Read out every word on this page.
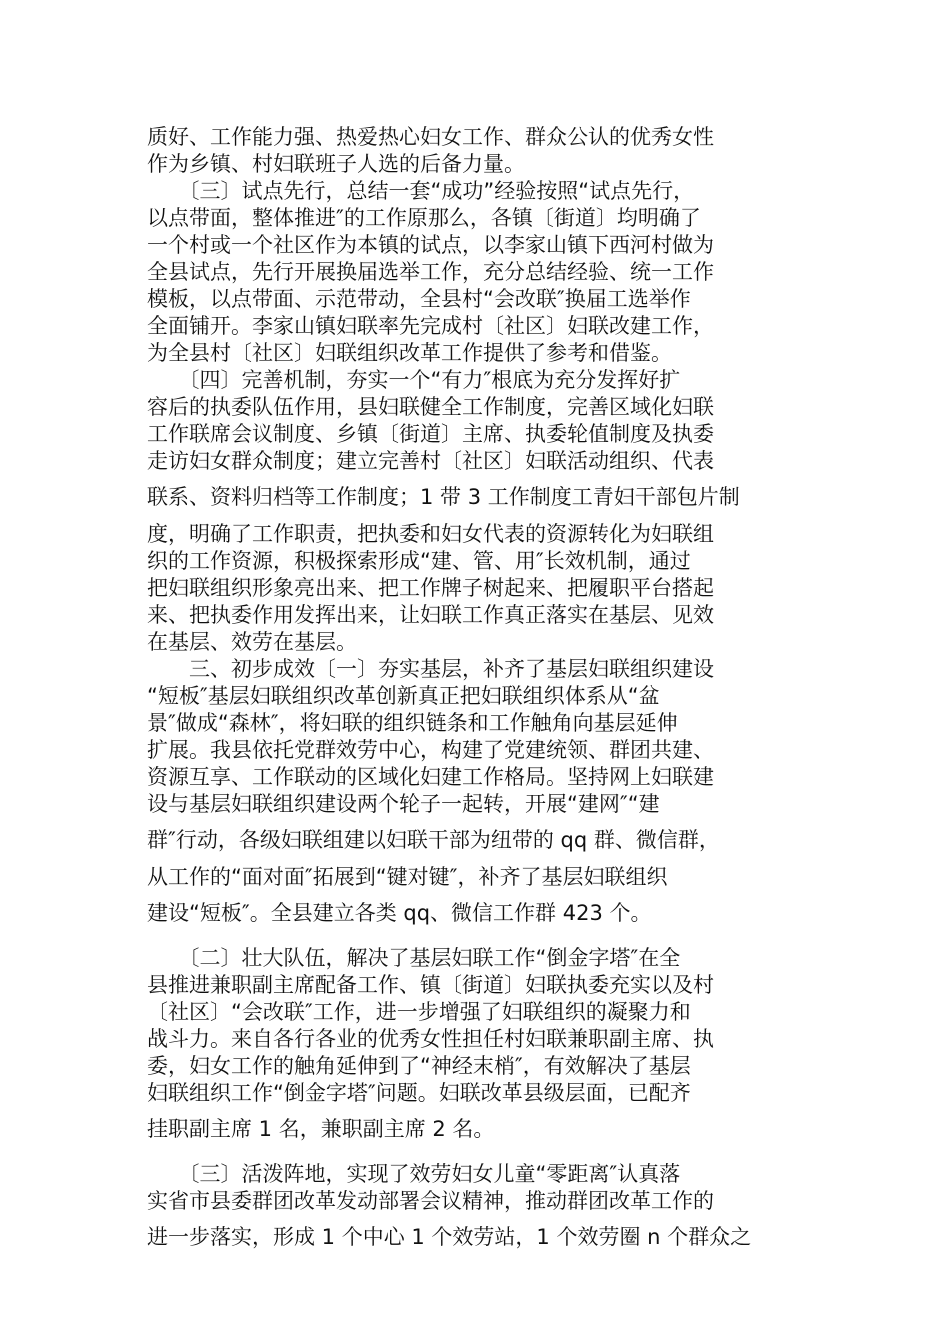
质好、工作能力强、热爱热心妇女工作、群众公认的优秀女性
作为乡镇、村妇联班子人选的后备力量。
　　〔三〕试点先行，总结一套“成功”经验按照“试点先行，
以点带面，整体推进″的工作原那么，各镇〔街道〕均明确了
一个村或一个社区作为本镇的试点，以李家山镇下西河村做为
全县试点，先行开展换届选举工作，充分总结经验、统一工作
模板，以点带面、示范带动，全县村“会改联″换届工选举作
全面铺开。李家山镇妇联率先完成村〔社区〕妇联改建工作，
为全县村〔社区〕妇联组织改革工作提供了参考和借鉴。
　　〔四〕完善机制，夯实一个“有力″根底为充分发挥好扩
容后的执委队伍作用，县妇联健全工作制度，完善区域化妇联
工作联席会议制度、乡镇〔街道〕主席、执委轮值制度及执委
走访妇女群众制度；建立完善村〔社区〕妇联活动组织、代表
联系、资料归档等工作制度；1 带 3 工作制度工青妇干部包片制
度，明确了工作职责，把执委和妇女代表的资源转化为妇联组
织的工作资源，积极探索形成“建、管、用″长效机制，通过
把妇联组织形象亮出来、把工作牌子树起来、把履职平台搭起
来、把执委作用发挥出来，让妇联工作真正落实在基层、见效
在基层、效劳在基层。
　　三、初步成效〔一〕夯实基层，补齐了基层妇联组织建设
“短板″基层妇联组织改革创新真正把妇联组织体系从“盆
景″做成“森林″，将妇联的组织链条和工作触角向基层延伸
扩展。我县依托党群效劳中心，构建了党建统领、群团共建、
资源互享、工作联动的区域化妇建工作格局。坚持网上妇联建
设与基层妇联组织建设两个轮子一起转，开展“建网″“建
群″行动，各级妇联组建以妇联干部为纽带的 qq 群、微信群，
从工作的“面对面″拓展到“键对键″，补齐了基层妇联组织
建设“短板″。全县建立各类 qq、微信工作群 423 个。
　　〔二〕壮大队伍，解决了基层妇联工作“倒金字塔″在全
县推进兼职副主席配备工作、镇〔街道〕妇联执委充实以及村
〔社区〕“会改联″工作，进一步增强了妇联组织的凝聚力和
战斗力。来自各行各业的优秀女性担任村妇联兼职副主席、执
委，妇女工作的触角延伸到了“神经末梢″，有效解决了基层
妇联组织工作“倒金字塔″问题。妇联改革县级层面，已配齐
挂职副主席 1 名，兼职副主席 2 名。
　　〔三〕活泼阵地，实现了效劳妇女儿童“零距离″认真落
实省市县委群团改革发动部署会议精神，推动群团改革工作的
进一步落实，形成 1 个中心 1 个效劳站，1 个效劳圈 n 个群众之
